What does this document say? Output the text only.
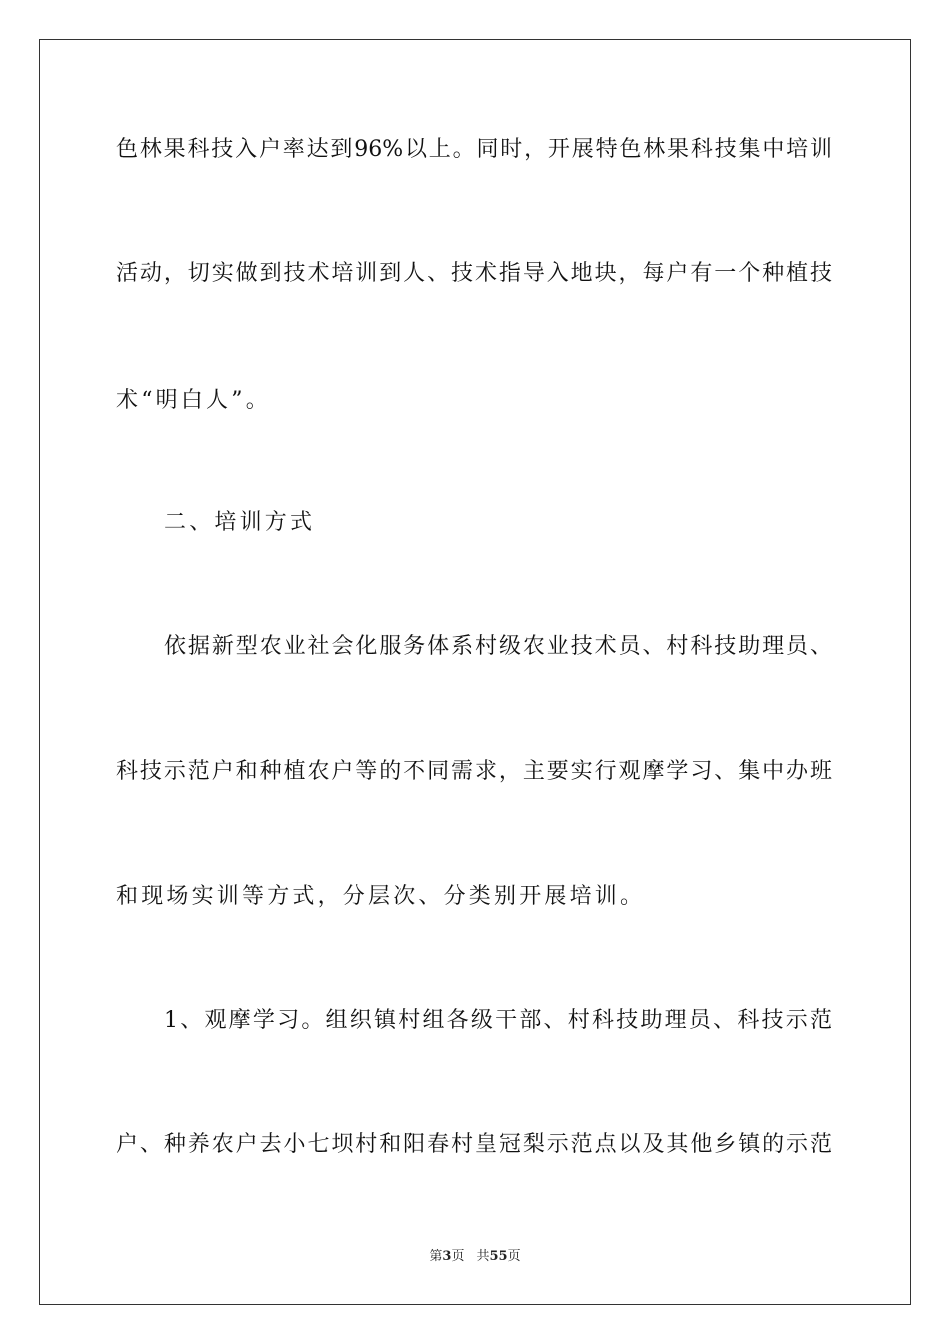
色林果科技入户率达到96%以上。同时，开展特色林果科技集中培训
活动，切实做到技术培训到人、技术指导入地块，每户有一个种植技
术“明白人”。
二、培训方式
依据新型农业社会化服务体系村级农业技术员、村科技助理员、
科技示范户和种植农户等的不同需求，主要实行观摩学习、集中办班
和现场实训等方式，分层次、分类别开展培训。
1、观摩学习。组织镇村组各级干部、村科技助理员、科技示范
户、种养农户去小七坝村和阳春村皇冠梨示范点以及其他乡镇的示范
第3页 共55页
